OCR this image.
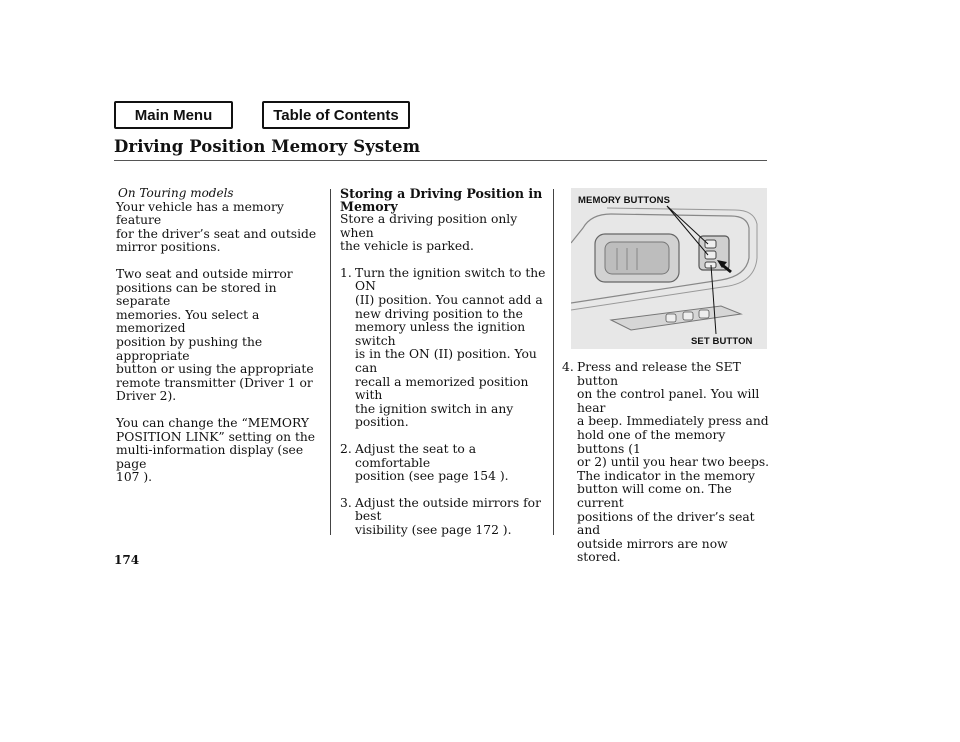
Main Menu	Table of Contents
Driving Position Memory System
On Touring models

Your vehicle has a memory feature
for the driver’s seat and outside
mirror positions.

Two seat and outside mirror
positions can be stored in separate
memories. You select a memorized
position by pushing the appropriate
button or using the appropriate
remote transmitter (Driver 1 or
Driver 2).

You can change the “MEMORY
POSITION LINK” setting on the
multi-information display (see page
107 ).

Storing a Driving Position in
Memory

Store a driving position only when
the vehicle is parked.

1. Turn the ignition switch to the ON
(II) position. You cannot add a
new driving position to the
memory unless the ignition switch
is in the ON (II) position. You can
recall a memorized position with
the ignition switch in any position.
2. Adjust the seat to a comfortable
position (see page 154 ).
3. Adjust the outside mirrors for best
visibility (see page 172 ).
MEMORY BUTTONS
SET BUTTON
4. Press and release the SET button
on the control panel. You will hear
a beep. Immediately press and
hold one of the memory buttons (1
or 2) until you hear two beeps.
The indicator in the memory
button will come on. The current
positions of the driver’s seat and
outside mirrors are now stored.
174
